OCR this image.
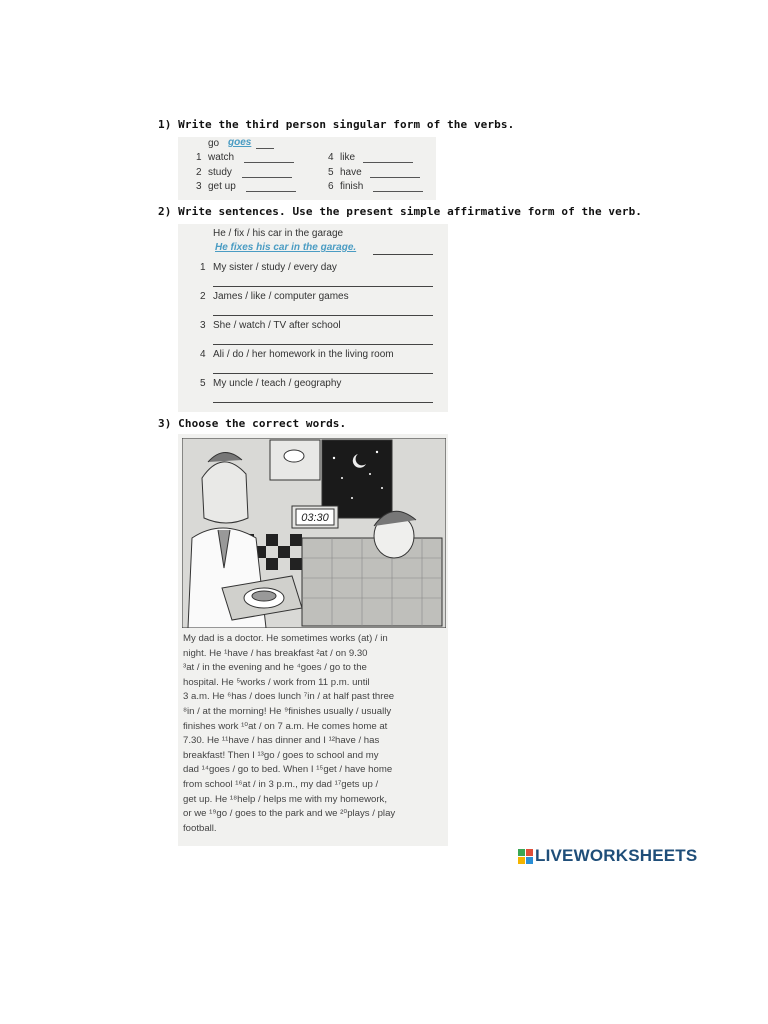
1) Write the third person singular form of the verbs.
go goes
1 watch
2 study
3 get up
4 like
5 have
6 finish
2) Write sentences. Use the present simple affirmative form of the verb.
He / fix / his car in the garage
He fixes his car in the garage.
1 My sister / study / every day
2 James / like / computer games
3 She / watch / TV after school
4 Ali / do / her homework in the living room
5 My uncle / teach / geography
3) Choose the correct words.
03:30

My dad is a doctor. He sometimes works (at) / in

night. He ¹have / has breakfast ²at / on 9.30

³at / in the evening and he ⁴goes / go to the

hospital. He ⁵works / work from 11 p.m. until

3 a.m. He ⁶has / does lunch ⁷in / at half past three

⁸in / at the morning! He ⁹finishes usually / usually

finishes work ¹⁰at / on 7 a.m. He comes home at

7.30. He ¹¹have / has dinner and I ¹²have / has

breakfast! Then I ¹³go / goes to school and my

dad ¹⁴goes / go to bed. When I ¹⁵get / have home

from school ¹⁶at / in 3 p.m., my dad ¹⁷gets up /

get up. He ¹⁸help / helps me with my homework,

or we ¹⁹go / goes to the park and we ²⁰plays / play

football.

LIVEWORKSHEETS
